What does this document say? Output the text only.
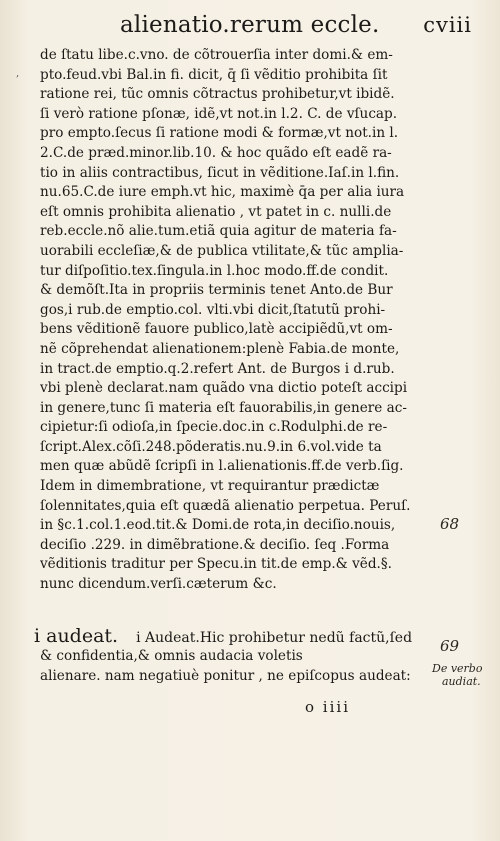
,
alienatio.rerum eccle. cviii
de ſtatu libe.c.vno. de cõtrouerſia inter domi.& em-
pto.feud.vbi Bal.in fi. dicit, q̄ ſi vẽditio prohibita ſit
ratione rei, tũc omnis cõtractus prohibetur,vt ibidẽ.
ſi verò ratione pſonæ, idẽ,vt not.in l.2. C. de vſucap.
pro empto.ſecus ſi ratione modi & formæ,vt not.in l.
2.C.de præd.minor.lib.10. & hoc quãdo eſt eadẽ ra-
tio in aliis contractibus, ſicut in vẽditione.Iaſ.in l.fin.
nu.65.C.de iure emph.vt hic, maximè q̄a per alia iura
eſt omnis prohibita alienatio , vt patet in c. nulli.de
reb.eccle.nõ alie.tum.etiã quia agitur de materia fa-
uorabili eccleſiæ,& de publica vtilitate,& tũc amplia-
tur diſpoſitio.tex.ſingula.in l.hoc modo.ff.de condit.
& demõſt.Ita in propriis terminis tenet Anto.de Bur
gos,i rub.de emptio.col. vlti.vbi dicit,ſtatutũ prohi-
bens vẽditionẽ fauore publico,latè accipiẽdũ,vt om-
nẽ cõprehendat alienationem:plenè Fabia.de monte,
in tract.de emptio.q.2.refert Ant. de Burgos i d.rub.
vbi plenè declarat.nam quãdo vna dictio poteſt accipi
in genere,tunc ſi materia eſt fauorabilis,in genere ac-
cipietur:ſi odioſa,in ſpecie.doc.in c.Rodulphi.de re-
ſcript.Alex.cõſi.248.põderatis.nu.9.in 6.vol.vide ta
men quæ abũdẽ ſcripſi in l.alienationis.ff.de verb.ſig.
Idem in dimembratione, vt requirantur prædictæ
ſolennitates,quia eſt quædã alienatio perpetua. Peruſ.
in §c.1.col.1.eod.tit.& Domi.de rota,in deciſio.nouis,
deciſio .229. in dimẽbratione.& deciſio. ſeq .Forma
vẽditionis traditur per Specu.in tit.de emp.& vẽd.§.
nunc dicendum.verſi.cæterum &c.
68
i audeat. i Audeat.Hic prohibetur nedũ factũ,ſed 69
& confidentia,& omnis audacia voletis
alienare. nam negatiuè ponitur , ne epiſcopus audeat:	De verbo
audiat.
o iiii
